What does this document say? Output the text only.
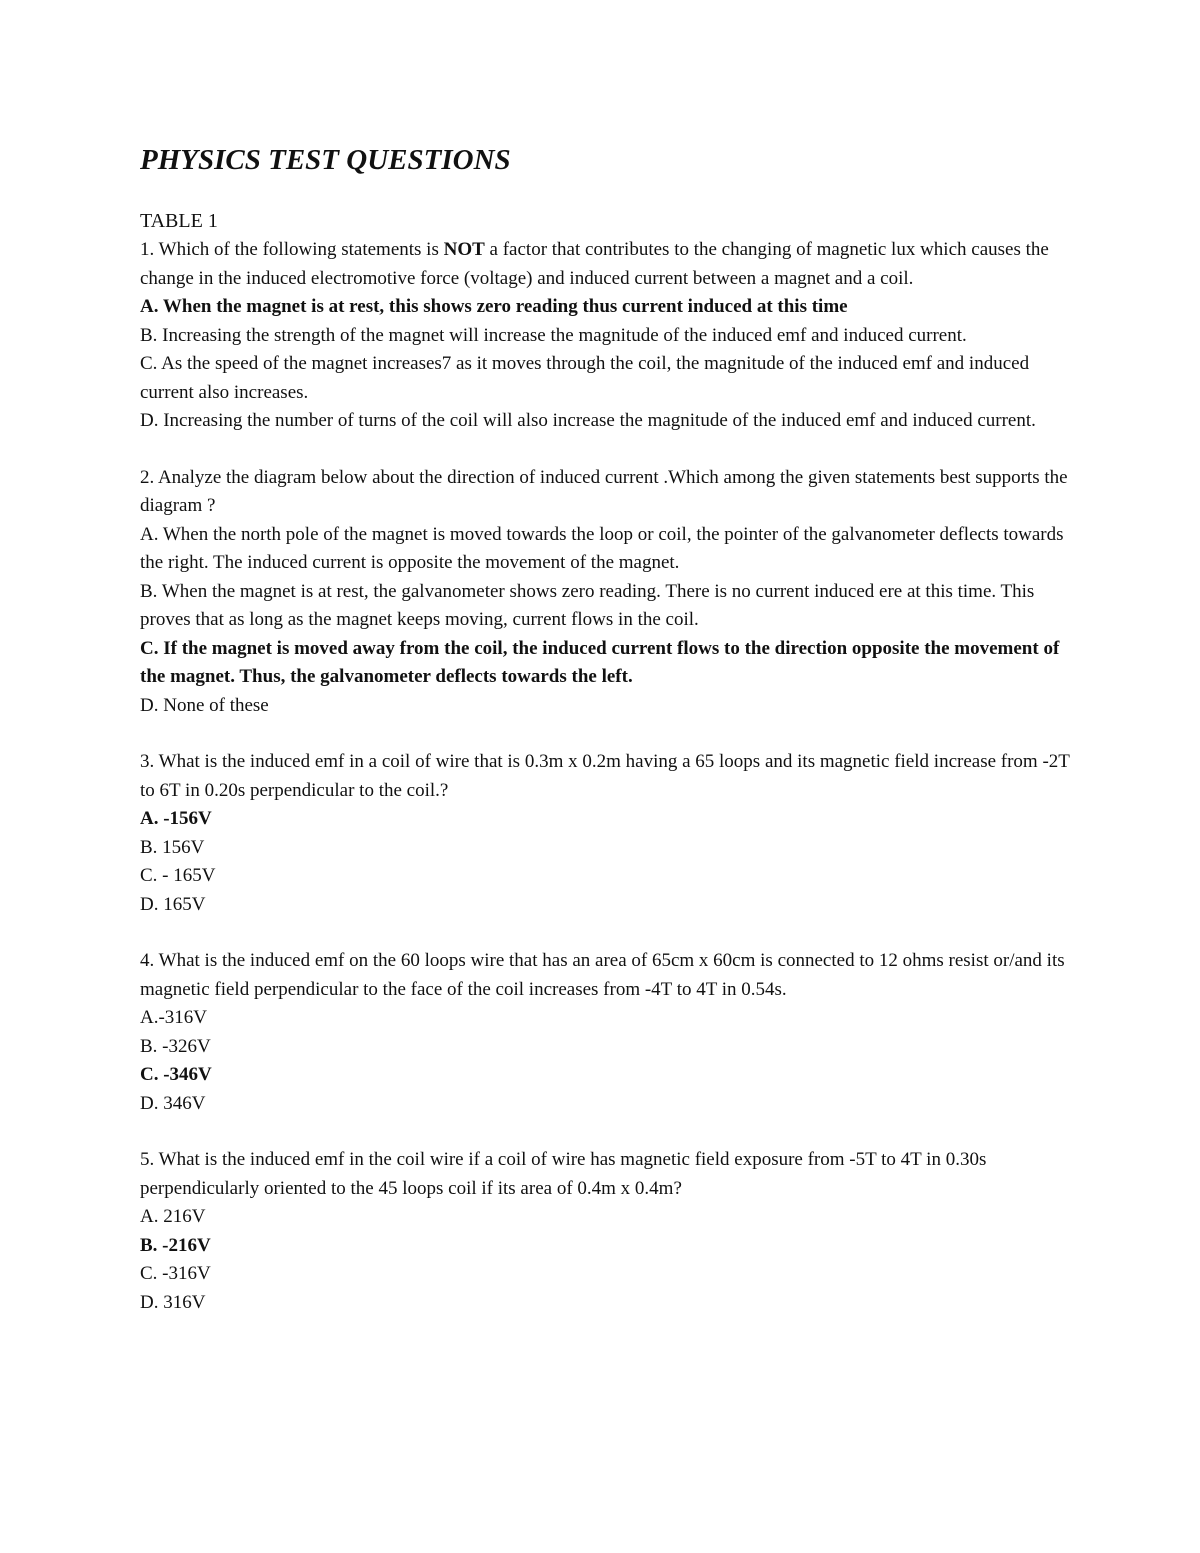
PHYSICS TEST QUESTIONS
TABLE 1

1. Which of the following statements is NOT a factor that contributes to the changing of magnetic lux which causes the change in the induced electromotive force (voltage) and induced current between a magnet and a coil.

A. When the magnet is at rest, this shows zero reading thus current induced at this time

B. Increasing the strength of the magnet will increase the magnitude of the induced emf and induced current.

C. As the speed of the magnet increases7 as it moves through the coil, the magnitude of the induced emf and induced current also increases.

D. Increasing the number of turns of the coil will also increase the magnitude of the induced emf and induced current.

2. Analyze the diagram below about the direction of induced current .Which among the given statements best supports the diagram ?

A. When the north pole of the magnet is moved towards the loop or coil, the pointer of the galvanometer deflects towards the right. The induced current is opposite the movement of the magnet.

B. When the magnet is at rest, the galvanometer shows zero reading. There is no current induced ere at this time. This proves that as long as the magnet keeps moving, current flows in the coil.

C. If the magnet is moved away from the coil, the induced current flows to the direction opposite the movement of the magnet. Thus, the galvanometer deflects towards the left.

D. None of these

3. What is the induced emf in a coil of wire that is 0.3m x 0.2m having a 65 loops and its magnetic field increase from -2T to 6T in 0.20s perpendicular to the coil.?

A. -156V

B. 156V

C. - 165V

D. 165V

4. What is the induced emf on the 60 loops wire that has an area of 65cm x 60cm is connected to 12 ohms resist or/and its magnetic field perpendicular to the face of the coil increases from -4T to 4T in 0.54s.

A.-316V

B. -326V

C. -346V

D. 346V

5. What is the induced emf in the coil wire if a coil of wire has magnetic field exposure from -5T to 4T in 0.30s perpendicularly oriented to the 45 loops coil if its area of 0.4m x 0.4m?

A. 216V

B. -216V

C. -316V

D. 316V
